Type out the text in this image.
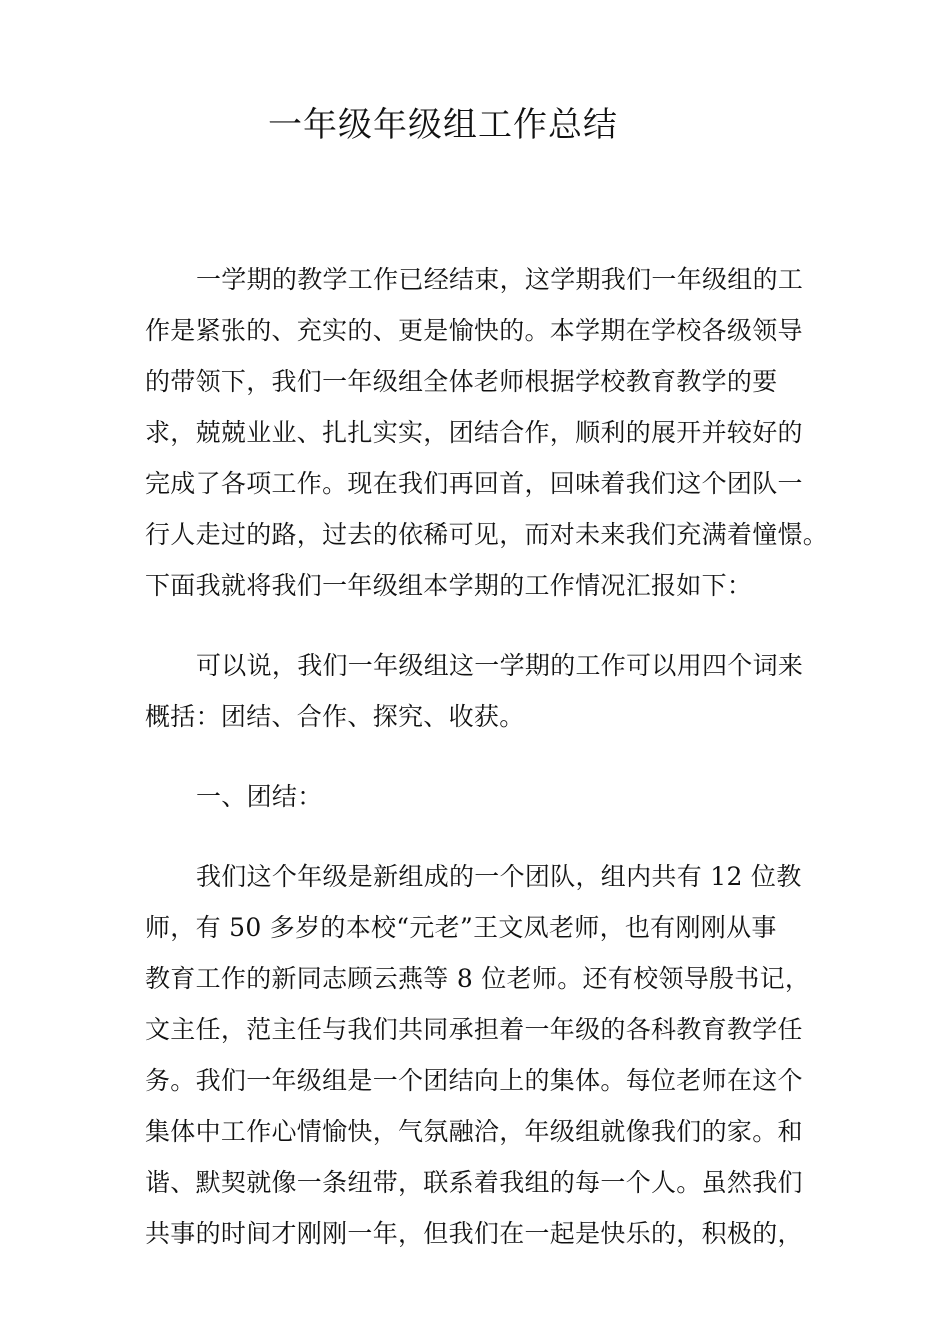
一年级年级组工作总结
一学期的教学工作已经结束，这学期我们一年级组的工
作是紧张的、充实的、更是愉快的。本学期在学校各级领导
的带领下，我们一年级组全体老师根据学校教育教学的要
求，兢兢业业、扎扎实实，团结合作，顺利的展开并较好的
完成了各项工作。现在我们再回首，回味着我们这个团队一
行人走过的路，过去的依稀可见，而对未来我们充满着憧憬。
下面我就将我们一年级组本学期的工作情况汇报如下：
可以说，我们一年级组这一学期的工作可以用四个词来
概括：团结、合作、探究、收获。
一、团结：
我们这个年级是新组成的一个团队，组内共有 12 位教
师，有 50 多岁的本校“元老”王文凤老师，也有刚刚从事
教育工作的新同志顾云燕等 8 位老师。还有校领导殷书记，
文主任，范主任与我们共同承担着一年级的各科教育教学任
务。我们一年级组是一个团结向上的集体。每位老师在这个
集体中工作心情愉快，气氛融洽，年级组就像我们的家。和
谐、默契就像一条纽带，联系着我组的每一个人。虽然我们
共事的时间才刚刚一年，但我们在一起是快乐的，积极的，
